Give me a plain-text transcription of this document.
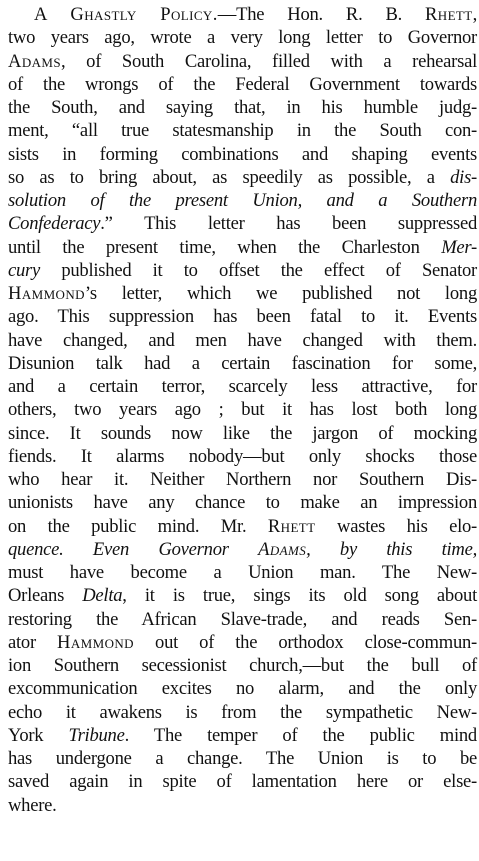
A Ghastly Policy.—The Hon. R. B. Rhett,
two years ago, wrote a very long letter to Governor
Adams, of South Carolina, filled with a rehearsal
of the wrongs of the Federal Government towards
the South, and saying that, in his humble judg-
ment, “all true statesmanship in the South con-
sists in forming combinations and shaping events
so as to bring about, as speedily as possible, a dis-
solution of the present Union, and a Southern
Confederacy.” This letter has been suppressed
until the present time, when the Charleston Mer-
cury published it to offset the effect of Senator
Hammond’s letter, which we published not long
ago. This suppression has been fatal to it. Events
have changed, and men have changed with them.
Disunion talk had a certain fascination for some,
and a certain terror, scarcely less attractive, for
others, two years ago ; but it has lost both long
since. It sounds now like the jargon of mocking
fiends. It alarms nobody—but only shocks those
who hear it. Neither Northern nor Southern Dis-
unionists have any chance to make an impression
on the public mind. Mr. Rhett wastes his elo-
quence. Even Governor Adams, by this time,
must have become a Union man. The New-
Orleans Delta, it is true, sings its old song about
restoring the African Slave-trade, and reads Sen-
ator Hammond out of the orthodox close-commun-
ion Southern secessionist church,—but the bull of
excommunication excites no alarm, and the only
echo it awakens is from the sympathetic New-
York Tribune. The temper of the public mind
has undergone a change. The Union is to be
saved again in spite of lamentation here or else-
where.
